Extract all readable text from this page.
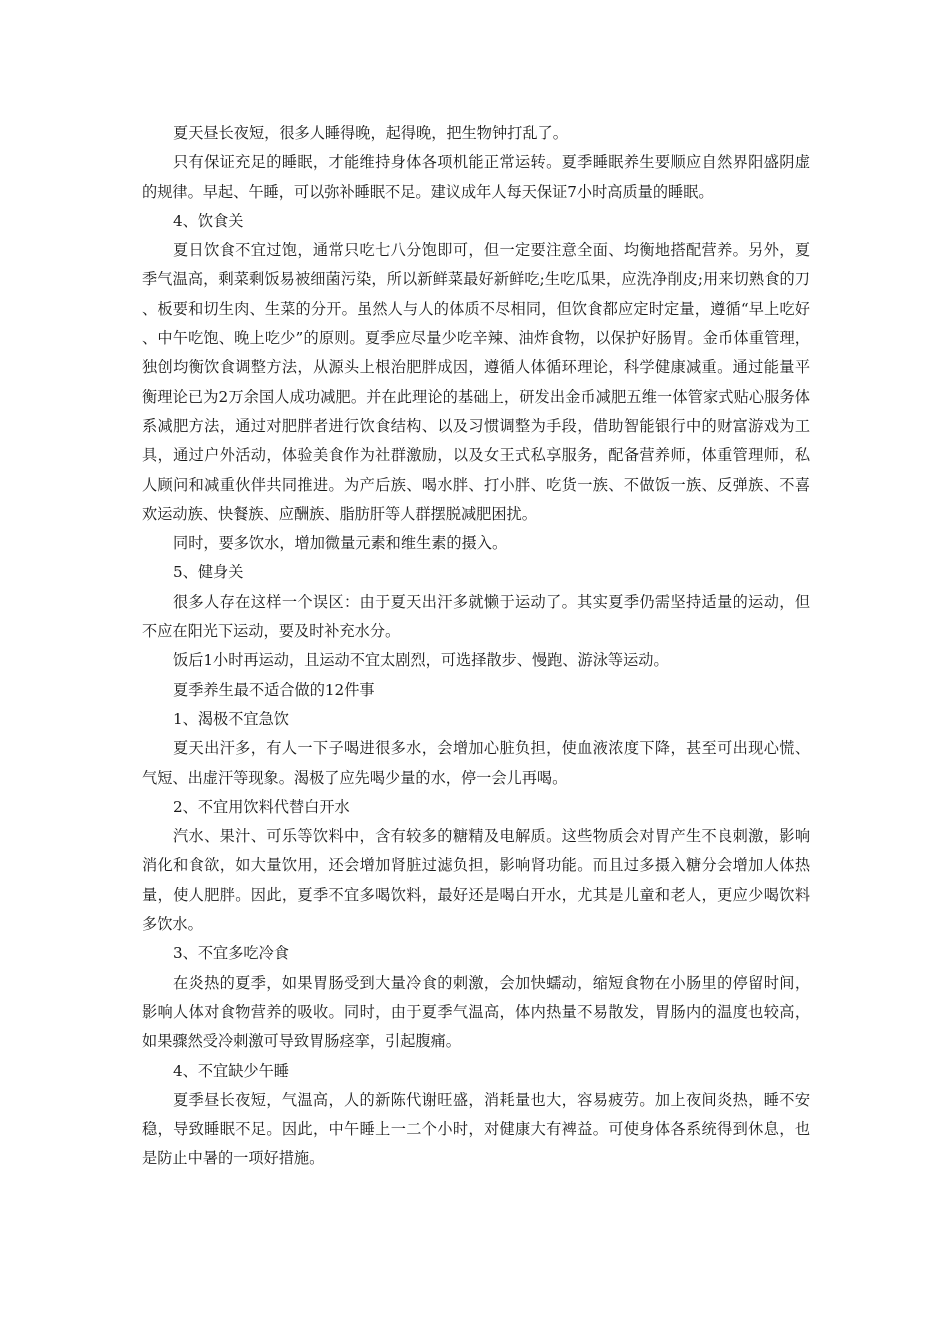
夏天昼长夜短，很多人睡得晚，起得晚，把生物钟打乱了。

只有保证充足的睡眠，才能维持身体各项机能正常运转。夏季睡眠养生要顺应自然界阳盛阴虚的规律。早起、午睡，可以弥补睡眠不足。建议成年人每天保证7小时高质量的睡眠。

4、饮食关

夏日饮食不宜过饱，通常只吃七八分饱即可，但一定要注意全面、均衡地搭配营养。另外，夏季气温高，剩菜剩饭易被细菌污染，所以新鲜菜最好新鲜吃;生吃瓜果，应洗净削皮;用来切熟食的刀、板要和切生肉、生菜的分开。虽然人与人的体质不尽相同，但饮食都应定时定量，遵循“早上吃好、中午吃饱、晚上吃少”的原则。夏季应尽量少吃辛辣、油炸食物，以保护好肠胃。金币体重管理，独创均衡饮食调整方法，从源头上根治肥胖成因，遵循人体循环理论，科学健康减重。通过能量平衡理论已为2万余国人成功减肥。并在此理论的基础上，研发出金币减肥五维一体管家式贴心服务体系减肥方法，通过对肥胖者进行饮食结构、以及习惯调整为手段，借助智能银行中的财富游戏为工具，通过户外活动，体验美食作为社群激励，以及女王式私享服务，配备营养师，体重管理师，私人顾问和减重伙伴共同推进。为产后族、喝水胖、打小胖、吃货一族、不做饭一族、反弹族、不喜欢运动族、快餐族、应酬族、脂肪肝等人群摆脱减肥困扰。

同时，要多饮水，增加微量元素和维生素的摄入。

5、健身关

很多人存在这样一个误区：由于夏天出汗多就懒于运动了。其实夏季仍需坚持适量的运动，但不应在阳光下运动，要及时补充水分。

饭后1小时再运动，且运动不宜太剧烈，可选择散步、慢跑、游泳等运动。

夏季养生最不适合做的12件事

1、渴极不宜急饮

夏天出汗多，有人一下子喝进很多水，会增加心脏负担，使血液浓度下降，甚至可出现心慌、气短、出虚汗等现象。渴极了应先喝少量的水，停一会儿再喝。

2、不宜用饮料代替白开水

汽水、果汁、可乐等饮料中，含有较多的糖精及电解质。这些物质会对胃产生不良刺激，影响消化和食欲，如大量饮用，还会增加肾脏过滤负担，影响肾功能。而且过多摄入糖分会增加人体热量，使人肥胖。因此，夏季不宜多喝饮料，最好还是喝白开水，尤其是儿童和老人，更应少喝饮料多饮水。

3、不宜多吃冷食

在炎热的夏季，如果胃肠受到大量冷食的刺激，会加快蠕动，缩短食物在小肠里的停留时间，影响人体对食物营养的吸收。同时，由于夏季气温高，体内热量不易散发，胃肠内的温度也较高，如果骤然受冷刺激可导致胃肠痉挛，引起腹痛。

4、不宜缺少午睡

夏季昼长夜短，气温高，人的新陈代谢旺盛，消耗量也大，容易疲劳。加上夜间炎热，睡不安稳，导致睡眠不足。因此，中午睡上一二个小时，对健康大有裨益。可使身体各系统得到休息，也是防止中暑的一项好措施。
